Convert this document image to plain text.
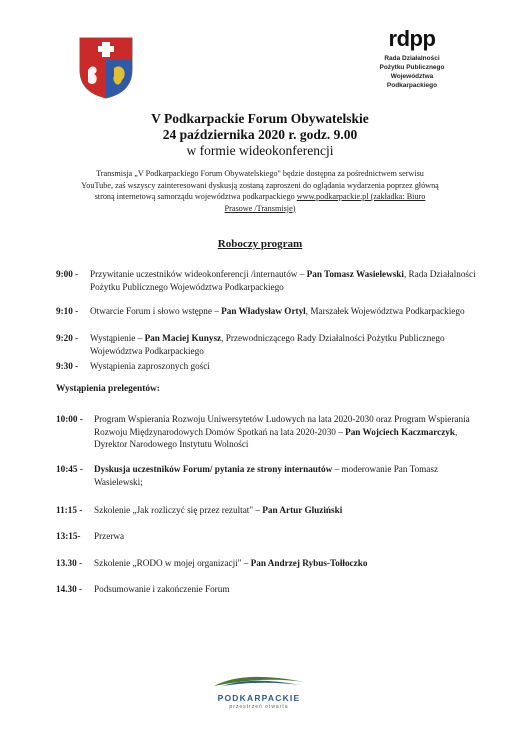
rdpp
Rada Działalności
Pożytku Publicznego
Województwa
Podkarpackiego
V Podkarpackie Forum Obywatelskie
24 października 2020 r. godz. 9.00
w formie wideokonferencji
Transmisja „V Podkarpackiego Forum Obywatelskiego" będzie dostępna za pośrednictwem serwisu YouTube, zaś wszyscy zainteresowani dyskusją zostaną zaproszeni do oglądania wydarzenia poprzez główną stroną internetową samorządu województwa podkarpackiego www.podkarpackie.pl (zakładka: Biuro Prasowe /Transmisje)
Roboczy program
9:00 - Przywitanie uczestników wideokonferencji /internautów – Pan Tomasz Wasielewski, Rada Działalności Pożytku Publicznego Województwa Podkarpackiego
9:10 - Otwarcie Forum i słowo wstępne – Pan Władysław Ortyl, Marszałek Województwa Podkarpackiego
9:20 - Wystąpienie – Pan Maciej Kunysz, Przewodniczącego Rady Działalności Pożytku Publicznego Województwa Podkarpackiego
9:30 - Wystąpienia zaproszonych gości
Wystąpienia prelegentów:
10:00 - Program Wspierania Rozwoju Uniwersytetów Ludowych na lata 2020-2030 oraz Program Wspierania Rozwoju Międzynarodowych Domów Spotkań na lata 2020-2030 – Pan Wojciech Kaczmarczyk, Dyrektor Narodowego Instytutu Wolności
10:45 - Dyskusja uczestników Forum/ pytania ze strony internautów – moderowanie Pan Tomasz Wasielewski;
11:15 - Szkolenie „Jak rozliczyć się przez rezultat" – Pan Artur Gluziński
13:15- Przerwa
13.30 - Szkolenie „RODO w mojej organizacji" – Pan Andrzej Rybus-Tołłoczko
14.30 - Podsumowanie i zakończenie Forum
PODKARPACKIE
przestrzeń otwarta
